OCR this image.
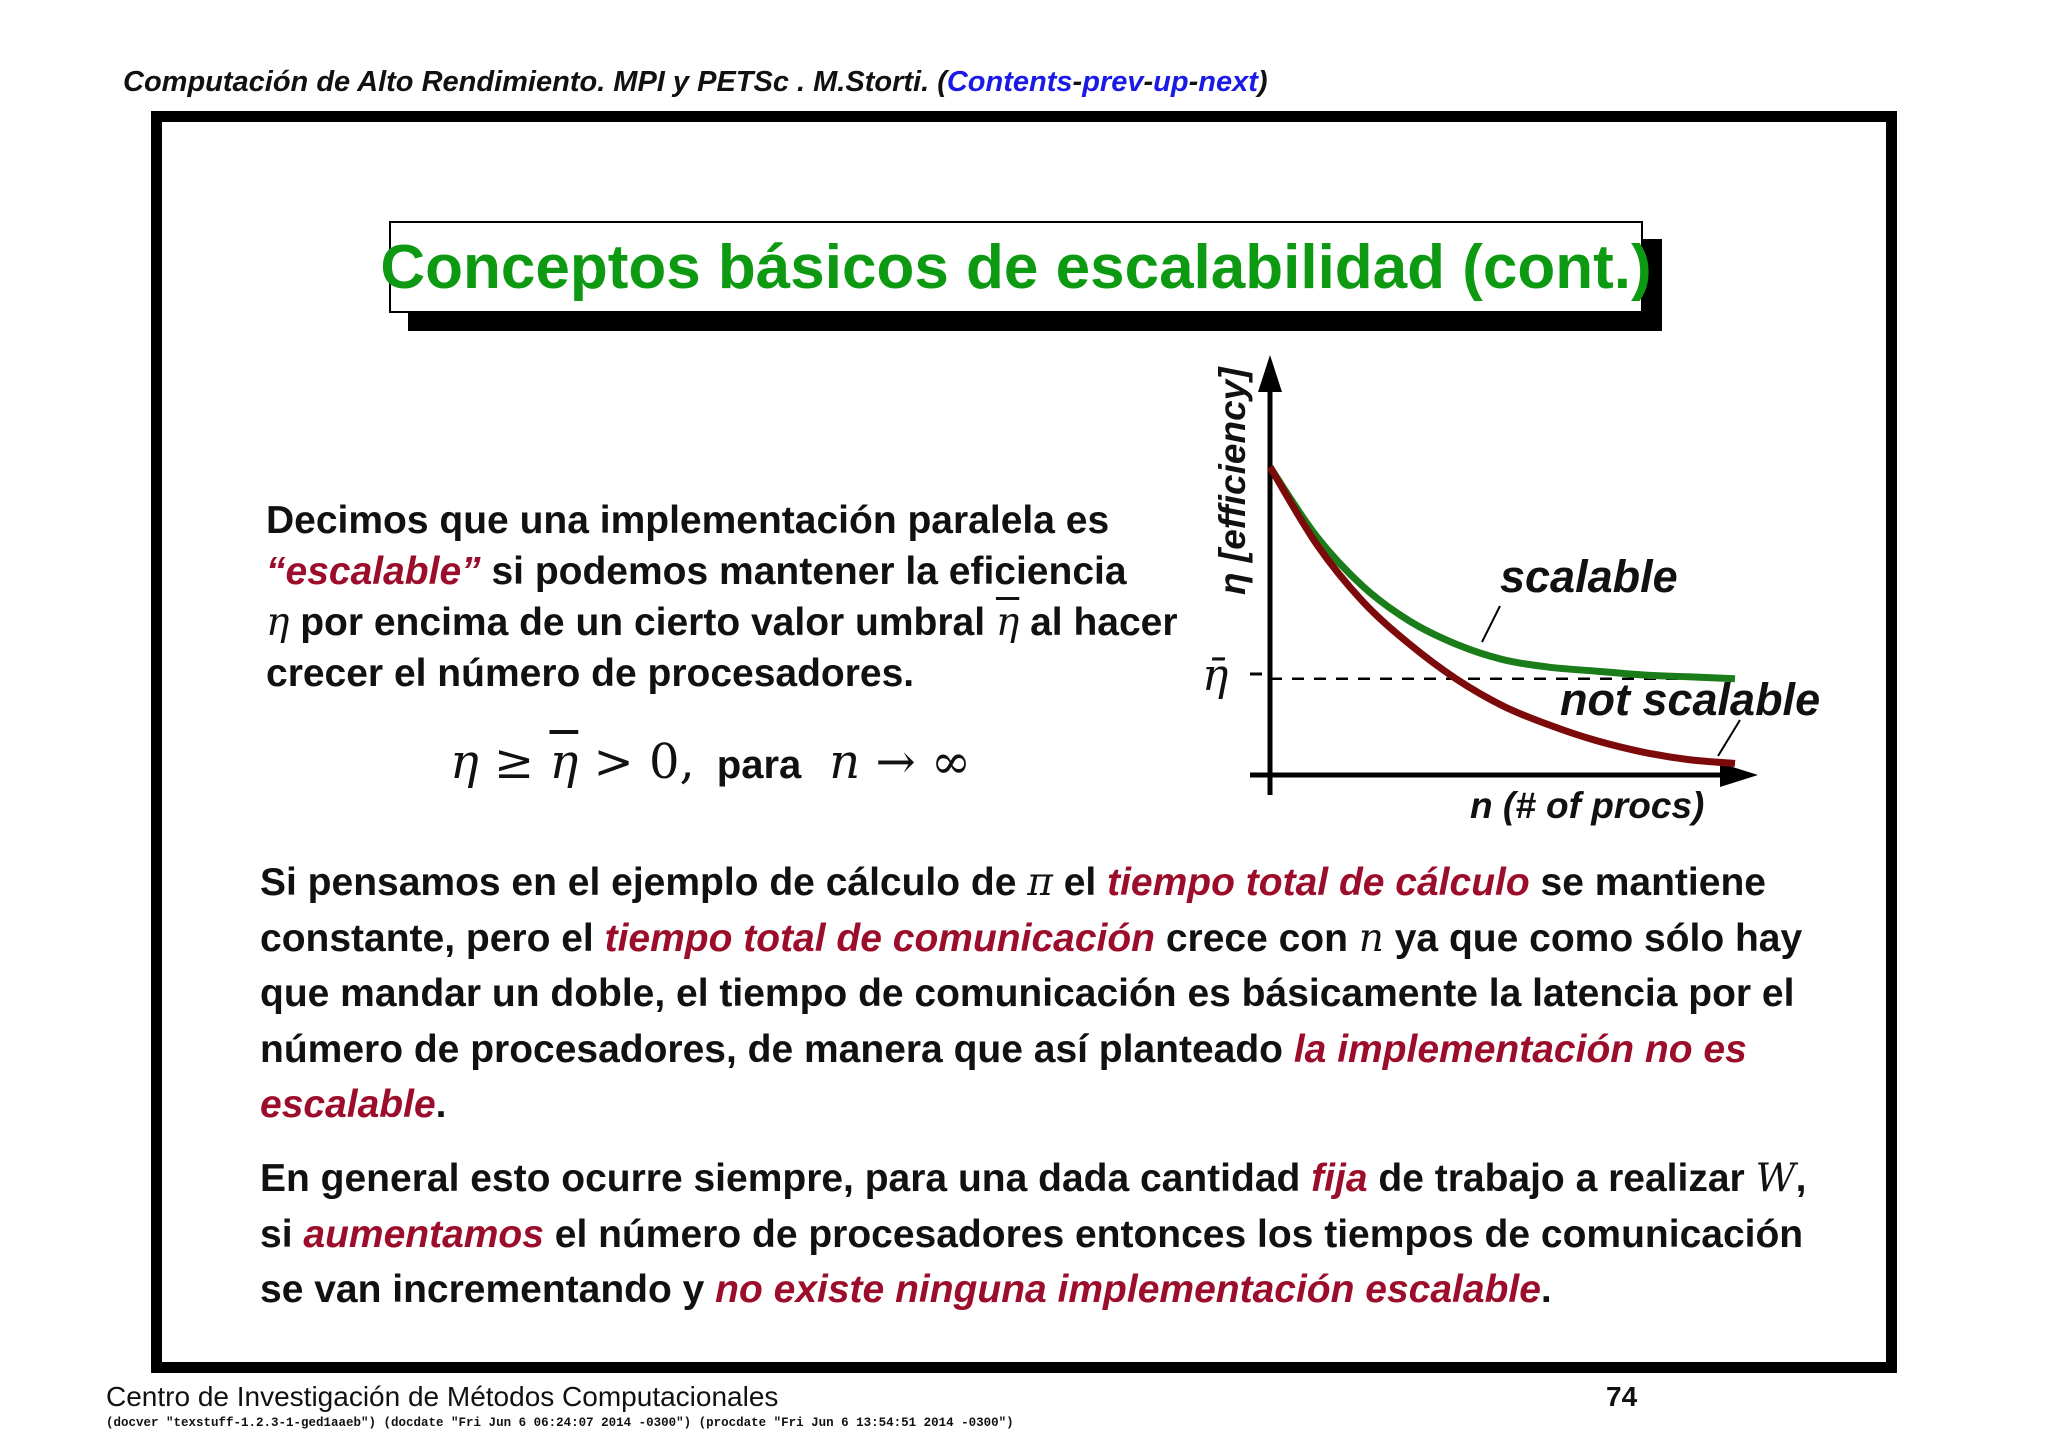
Computación de Alto Rendimiento. MPI y PETSc . M.Storti. (Contents-prev-up-next)
Conceptos básicos de escalabilidad (cont.)
Decimos que una implementación paralela es “escalable” si podemos mantener la eficiencia
η por encima de un cierto valor umbral $\overline{\eta}$ al hacer crecer el número de procesadores.
$\eta \ge \overline{\eta} > 0$, para n → ∞
scalable
not scalable
n (# of procs)
η [efficiency]
η̄
Si pensamos en el ejemplo de cálculo de π el tiempo total de cálculo se mantiene constante, pero el tiempo total de comunicación crece con n ya que como sólo hay que mandar un doble, el tiempo de comunicación es básicamente la latencia por el número de procesadores, de manera que así planteado la implementación no es escalable.
En general esto ocurre siempre, para una dada cantidad fija de trabajo a realizar W, si aumentamos el número de procesadores entonces los tiempos de comunicación se van incrementando y no existe ninguna implementación escalable.
Centro de Investigación de Métodos Computacionales	74
(docver "texstuff-1.2.3-1-ged1aaeb") (docdate "Fri Jun 6 06:24:07 2014 -0300") (procdate "Fri Jun 6 13:54:51 2014 -0300")
